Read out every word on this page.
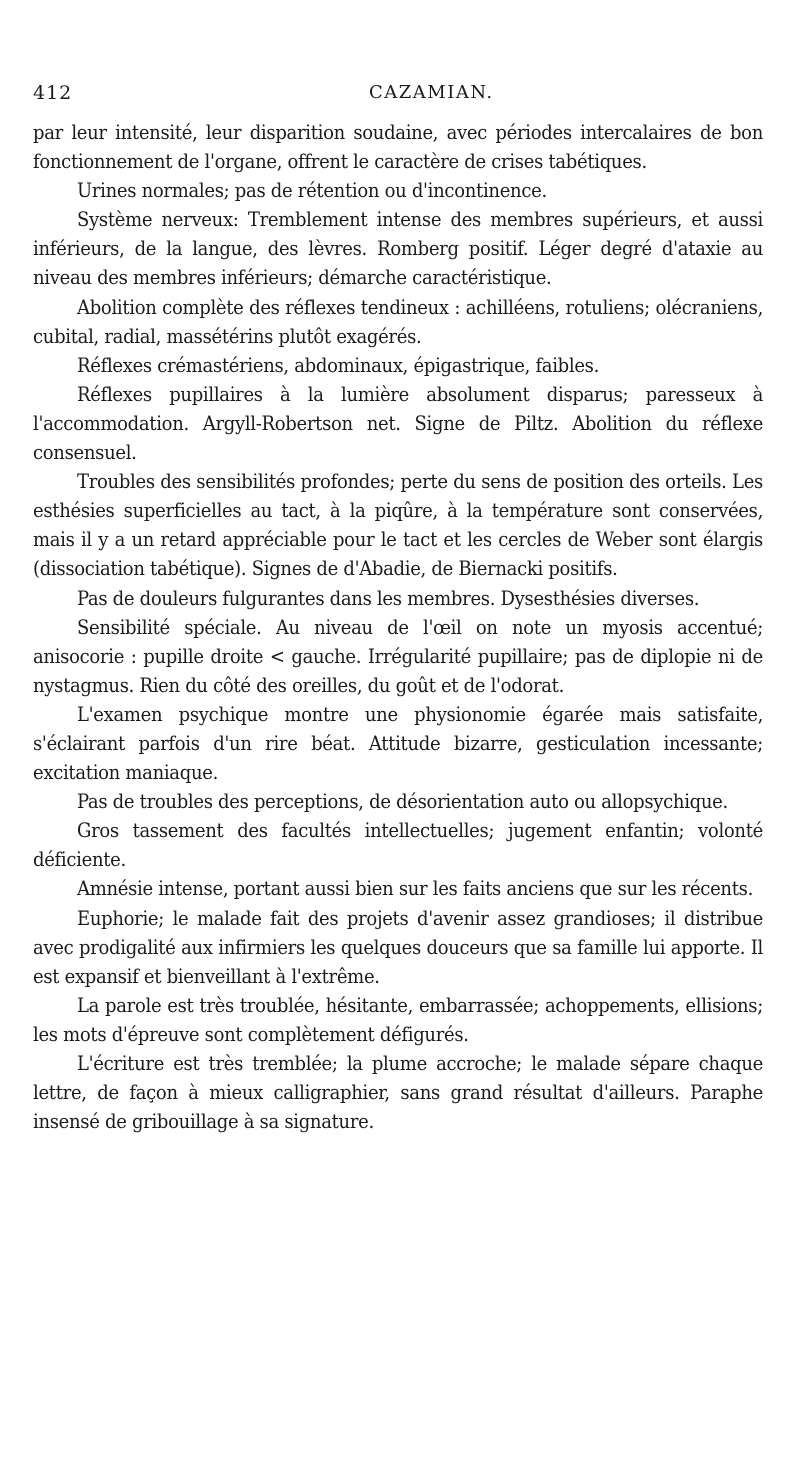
412	CAZAMIAN.

par leur intensité, leur disparition soudaine, avec périodes intercalaires de bon fonctionnement de l'organe, offrent le caractère de crises tabétiques.

Urines normales; pas de rétention ou d'incontinence.

Système nerveux: Tremblement intense des membres supérieurs, et aussi inférieurs, de la langue, des lèvres. Romberg positif. Léger degré d'ataxie au niveau des membres inférieurs; démarche caractéristique.

Abolition complète des réflexes tendineux : achilléens, rotuliens; olécraniens, cubital, radial, massétérins plutôt exagérés.

Réflexes crémastériens, abdominaux, épigastrique, faibles.

Réflexes pupillaires à la lumière absolument disparus; paresseux à l'accommodation. Argyll-Robertson net. Signe de Piltz. Abolition du réflexe consensuel.

Troubles des sensibilités profondes; perte du sens de position des orteils. Les esthésies superficielles au tact, à la piqûre, à la température sont conservées, mais il y a un retard appréciable pour le tact et les cercles de Weber sont élargis (dissociation tabétique). Signes de d'Abadie, de Biernacki positifs.

Pas de douleurs fulgurantes dans les membres. Dysesthésies diverses.

Sensibilité spéciale. Au niveau de l'œil on note un myosis accentué; anisocorie : pupille droite < gauche. Irrégularité pupillaire; pas de diplopie ni de nystagmus. Rien du côté des oreilles, du goût et de l'odorat.

L'examen psychique montre une physionomie égarée mais satisfaite, s'éclairant parfois d'un rire béat. Attitude bizarre, gesticulation incessante; excitation maniaque.

Pas de troubles des perceptions, de désorientation auto ou allopsychique.

Gros tassement des facultés intellectuelles; jugement enfantin; volonté déficiente.

Amnésie intense, portant aussi bien sur les faits anciens que sur les récents.

Euphorie; le malade fait des projets d'avenir assez grandioses; il distribue avec prodigalité aux infirmiers les quelques douceurs que sa famille lui apporte. Il est expansif et bienveillant à l'extrême.

La parole est très troublée, hésitante, embarrassée; achoppements, ellisions; les mots d'épreuve sont complètement défigurés.

L'écriture est très tremblée; la plume accroche; le malade sépare chaque lettre, de façon à mieux calligraphier, sans grand résultat d'ailleurs. Paraphe insensé de gribouillage à sa signature.
